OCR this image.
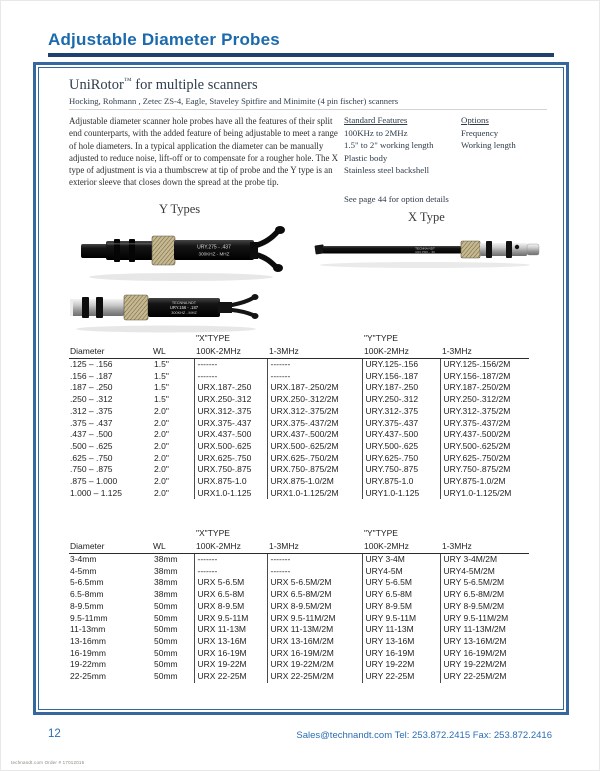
Adjustable Diameter Probes
UniRotor™ for multiple scanners
Hocking, Rohmann , Zetec ZS-4, Eagle, Staveley Spitfire and Minimite (4 pin fischer) scanners

Adjustable diameter scanner hole probes have all the features of their split end counterparts, with the added feature of being adjustable to meet a range of hole diameters. In a typical application the diameter can be manually adjusted to reduce noise, lift-off or to compensate for a rougher hole. The X type of adjustment is via a thumbscrew at tip of probe and the Y type is an exterior sleeve that closes down the spread at the probe tip.

Standard Features
100KHz to 2MHz
1.5" to 2" working length
Plastic body
Stainless steel backshell
See page 44 for option details
Options
Frequency
Working length
Y Types
X Type
URY.275 - .437
300KHZ - MHZ
TECNNA NDT
URY.156 - .187
300KHZ - MHZ
TECNNA NDT
URX.PRO - .50
		"X"TYPE		"Y"TYPE	
Diameter	WL	100K-2MHz	1-3MHz	100K-2MHz	1-3MHz
.125 – .156	1.5"	-------	-------	URY.125-.156	URY.125-.156/2M
.156 – .187	1.5"	-------	-------	URY.156-.187	URY.156-.187/2M
.187 – .250	1.5"	URX.187-.250	URX.187-.250/2M	URY.187-.250	URY.187-.250/2M
.250 – .312	1.5"	URX.250-.312	URX.250-.312/2M	URY.250-.312	URY.250-.312/2M
.312 – .375	2.0"	URX.312-.375	URX.312-.375/2M	URY.312-.375	URY.312-.375/2M
.375 – .437	2.0"	URX.375-.437	URX.375-.437/2M	URY.375-.437	URY.375-.437/2M
.437 – .500	2.0"	URX.437-.500	URX.437-.500/2M	URY.437-.500	URY.437-.500/2M
.500 – .625	2.0"	URX.500-.625	URX.500-.625/2M	URY.500-.625	URY.500-.625/2M
.625 – .750	2.0"	URX.625-.750	URX.625-.750/2M	URY.625-.750	URY.625-.750/2M
.750 – .875	2.0"	URX.750-.875	URX.750-.875/2M	URY.750-.875	URY.750-.875/2M
.875 – 1.000	2.0"	URX.875-1.0	URX.875-1.0/2M	URY.875-1.0	URY.875-1.0/2M
1.000 – 1.125	2.0"	URX1.0-1.125	URX1.0-1.125/2M	URY1.0-1.125	URY1.0-1.125/2M
		"X"TYPE		"Y"TYPE	
Diameter	WL	100K-2MHz	1-3MHz	100K-2MHz	1-3MHz
3-4mm	38mm	-------	-------	URY 3-4M	URY 3-4M/2M
4-5mm	38mm	-------	-------	URY4-5M	URY4-5M/2M
5-6.5mm	38mm	URX 5-6.5M	URX 5-6.5M/2M	URY 5-6.5M	URY 5-6.5M/2M
6.5-8mm	38mm	URX 6.5-8M	URX 6.5-8M/2M	URY 6.5-8M	URY 6.5-8M/2M
8-9.5mm	50mm	URX 8-9.5M	URX 8-9.5M/2M	URY 8-9.5M	URY 8-9.5M/2M
9.5-11mm	50mm	URX 9.5-11M	URX 9.5-11M/2M	URY 9.5-11M	URY 9.5-11M/2M
11-13mm	50mm	URX 11-13M	URX 11-13M/2M	URY 11-13M	URY 11-13M/2M
13-16mm	50mm	URX 13-16M	URX 13-16M/2M	URY 13-16M	URY 13-16M/2M
16-19mm	50mm	URX 16-19M	URX 16-19M/2M	URY 16-19M	URY 16-19M/2M
19-22mm	50mm	URX 19-22M	URX 19-22M/2M	URY 19-22M	URY 19-22M/2M
22-25mm	50mm	URX 22-25M	URX 22-25M/2M	URY 22-25M	URY 22-25M/2M
12	Sales@technandt.com Tel: 253.872.2415 Fax: 253.872.2416
technandt.com Order # 17012015
